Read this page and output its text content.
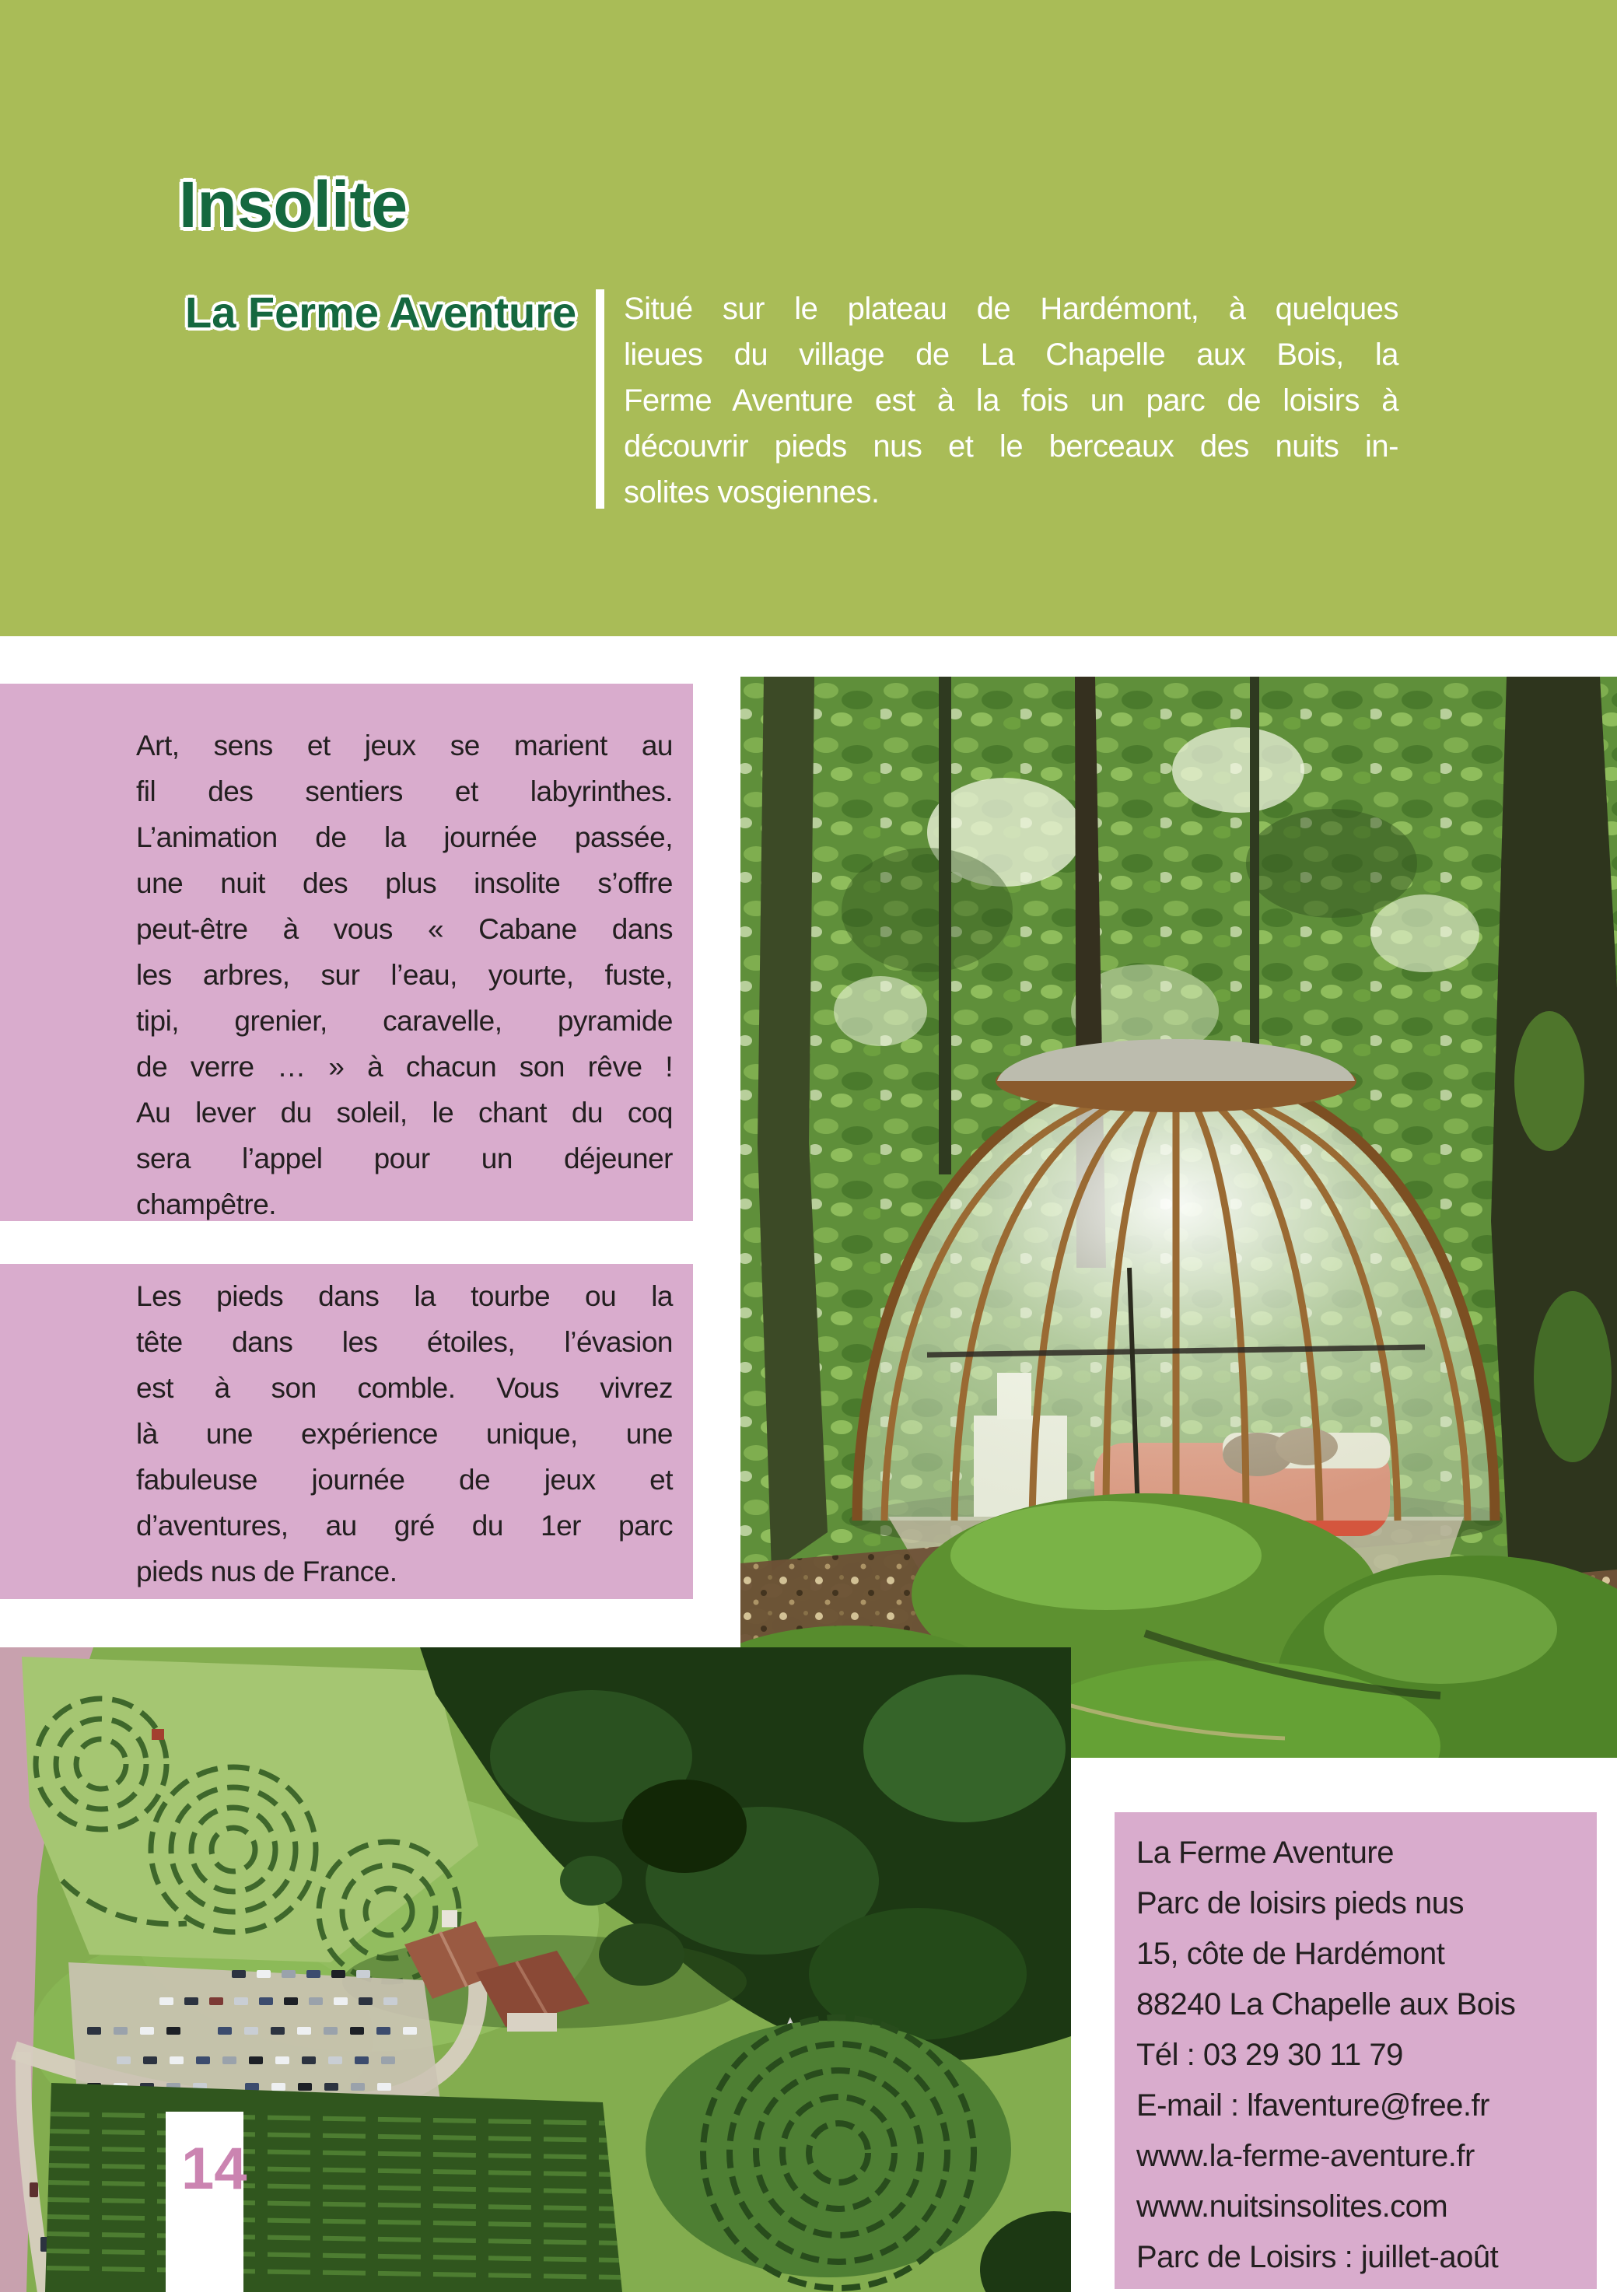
Insolite
La Ferme Aventure Situé sur le plateau de Hardémont, à quelques
lieues du village de La Chapelle aux Bois, la
Ferme Aventure est à la fois un parc de loisirs à
découvrir pieds nus et le berceaux des nuits in-
solites vosgiennes.
Art, sens et jeux se marient au
fil des sentiers et labyrinthes.
L’animation de la journée passée,
une nuit des plus insolite s’offre
peut-être à vous « Cabane dans
les arbres, sur l’eau, yourte, fuste,
tipi, grenier, caravelle, pyramide
de verre … » à chacun son rêve !
Au lever du soleil, le chant du coq
sera l’appel pour un déjeuner
champêtre.
Les pieds dans la tourbe ou la
tête dans les étoiles, l’évasion
est à son comble. Vous vivrez
là une expérience unique, une
fabuleuse journée de jeux et
d’aventures, au gré du 1er parc
pieds nus de France.
La Ferme Aventure
Parc de loisirs pieds nus
15, côte de Hardémont
88240 La Chapelle aux Bois
Tél : 03 29 30 11 79
E-mail : lfaventure@free.fr
www.la-ferme-aventure.fr
www.nuitsinsolites.com
Parc de Loisirs : juillet-août
14
